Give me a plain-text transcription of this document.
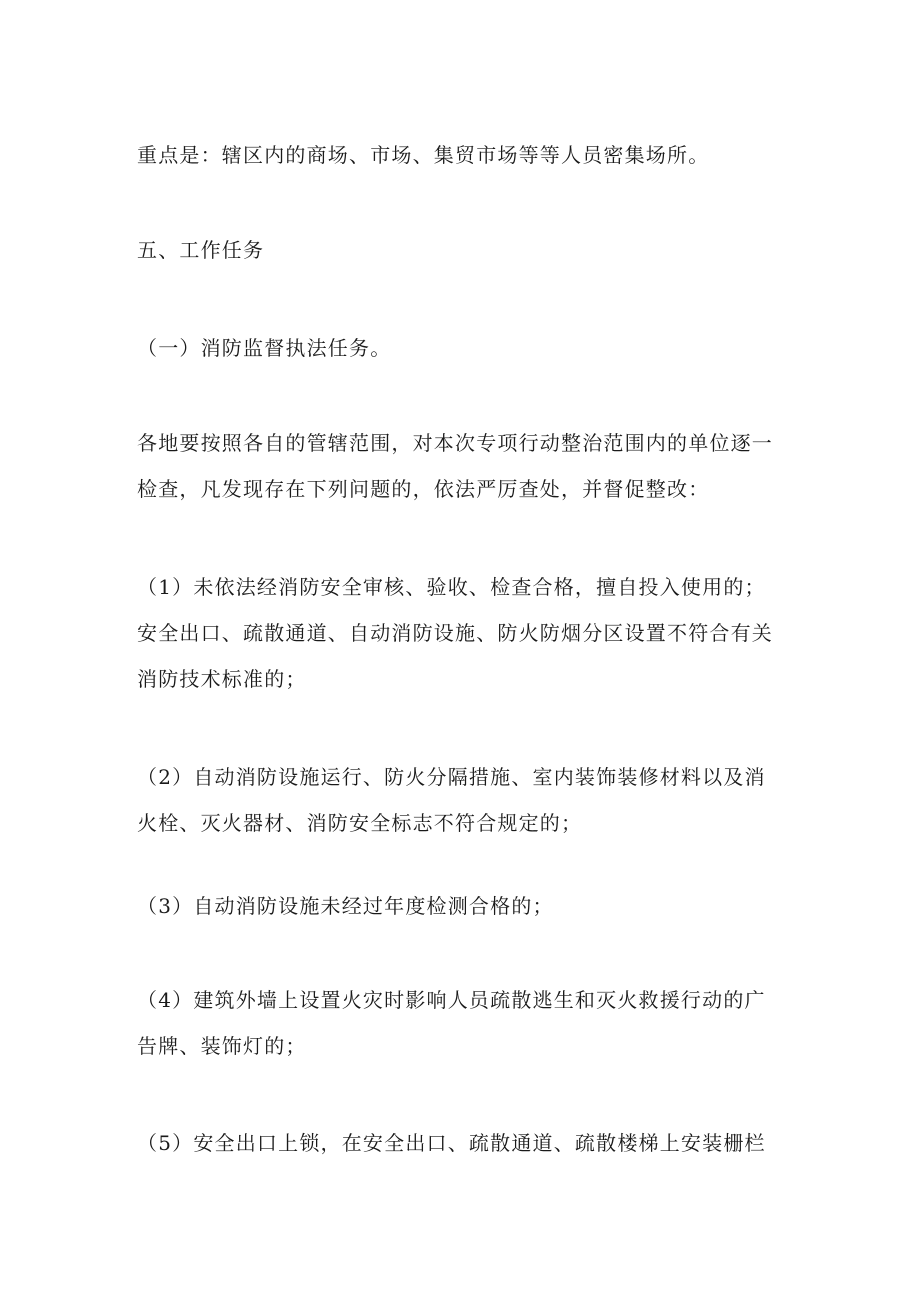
重点是：辖区内的商场、市场、集贸市场等等人员密集场所。

五、工作任务

（一）消防监督执法任务。

各地要按照各自的管辖范围，对本次专项行动整治范围内的单位逐一
检查，凡发现存在下列问题的，依法严厉查处，并督促整改：

（1）未依法经消防安全审核、验收、检查合格，擅自投入使用的；
安全出口、疏散通道、自动消防设施、防火防烟分区设置不符合有关
消防技术标准的；

（2）自动消防设施运行、防火分隔措施、室内装饰装修材料以及消
火栓、灭火器材、消防安全标志不符合规定的；

（3）自动消防设施未经过年度检测合格的；

（4）建筑外墙上设置火灾时影响人员疏散逃生和灭火救援行动的广
告牌、装饰灯的；

（5）安全出口上锁，在安全出口、疏散通道、疏散楼梯上安装栅栏
